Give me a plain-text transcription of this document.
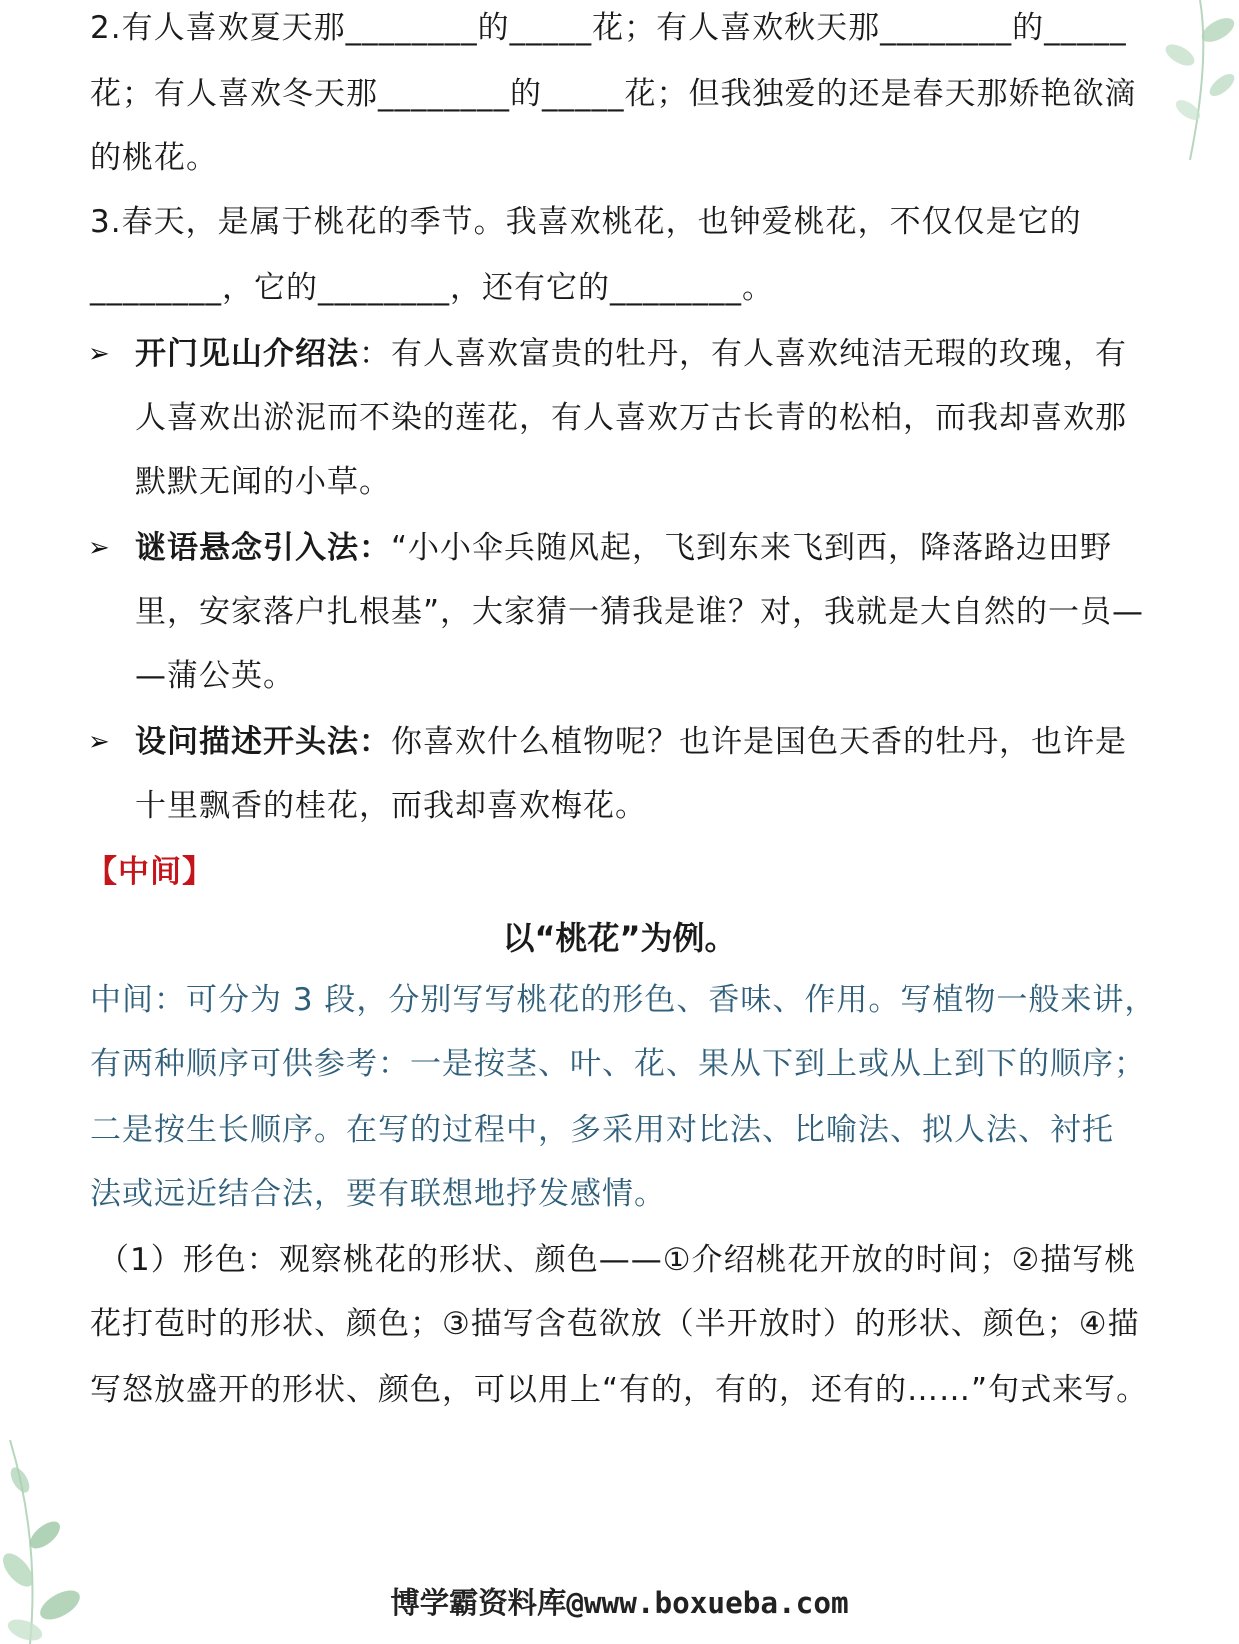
2.有人喜欢夏天那________的_____花；有人喜欢秋天那________的_____
花；有人喜欢冬天那________的_____花；但我独爱的还是春天那娇艳欲滴
的桃花。
3.春天，是属于桃花的季节。我喜欢桃花，也钟爱桃花，不仅仅是它的
________，它的________，还有它的________。
➢ 开门见山介绍法：有人喜欢富贵的牡丹，有人喜欢纯洁无瑕的玫瑰，有
人喜欢出淤泥而不染的莲花，有人喜欢万古长青的松柏，而我却喜欢那
默默无闻的小草。
➢ 谜语悬念引入法：“小小伞兵随风起，飞到东来飞到西，降落路边田野
里，安家落户扎根基”，大家猜一猜我是谁？对，我就是大自然的一员—
—蒲公英。
➢ 设问描述开头法：你喜欢什么植物呢？也许是国色天香的牡丹，也许是
十里飘香的桂花，而我却喜欢梅花。
【中间】
以“桃花”为例。
中间：可分为 3 段，分别写写桃花的形色、香味、作用。写植物一般来讲，
有两种顺序可供参考：一是按茎、叶、花、果从下到上或从上到下的顺序；
二是按生长顺序。在写的过程中，多采用对比法、比喻法、拟人法、衬托
法或远近结合法，要有联想地抒发感情。
（1）形色：观察桃花的形状、颜色——①介绍桃花开放的时间；②描写桃
花打苞时的形状、颜色；③描写含苞欲放（半开放时）的形状、颜色；④描
写怒放盛开的形状、颜色，可以用上“有的，有的，还有的……”句式来写。
博学霸资料库@www.boxueba.com
